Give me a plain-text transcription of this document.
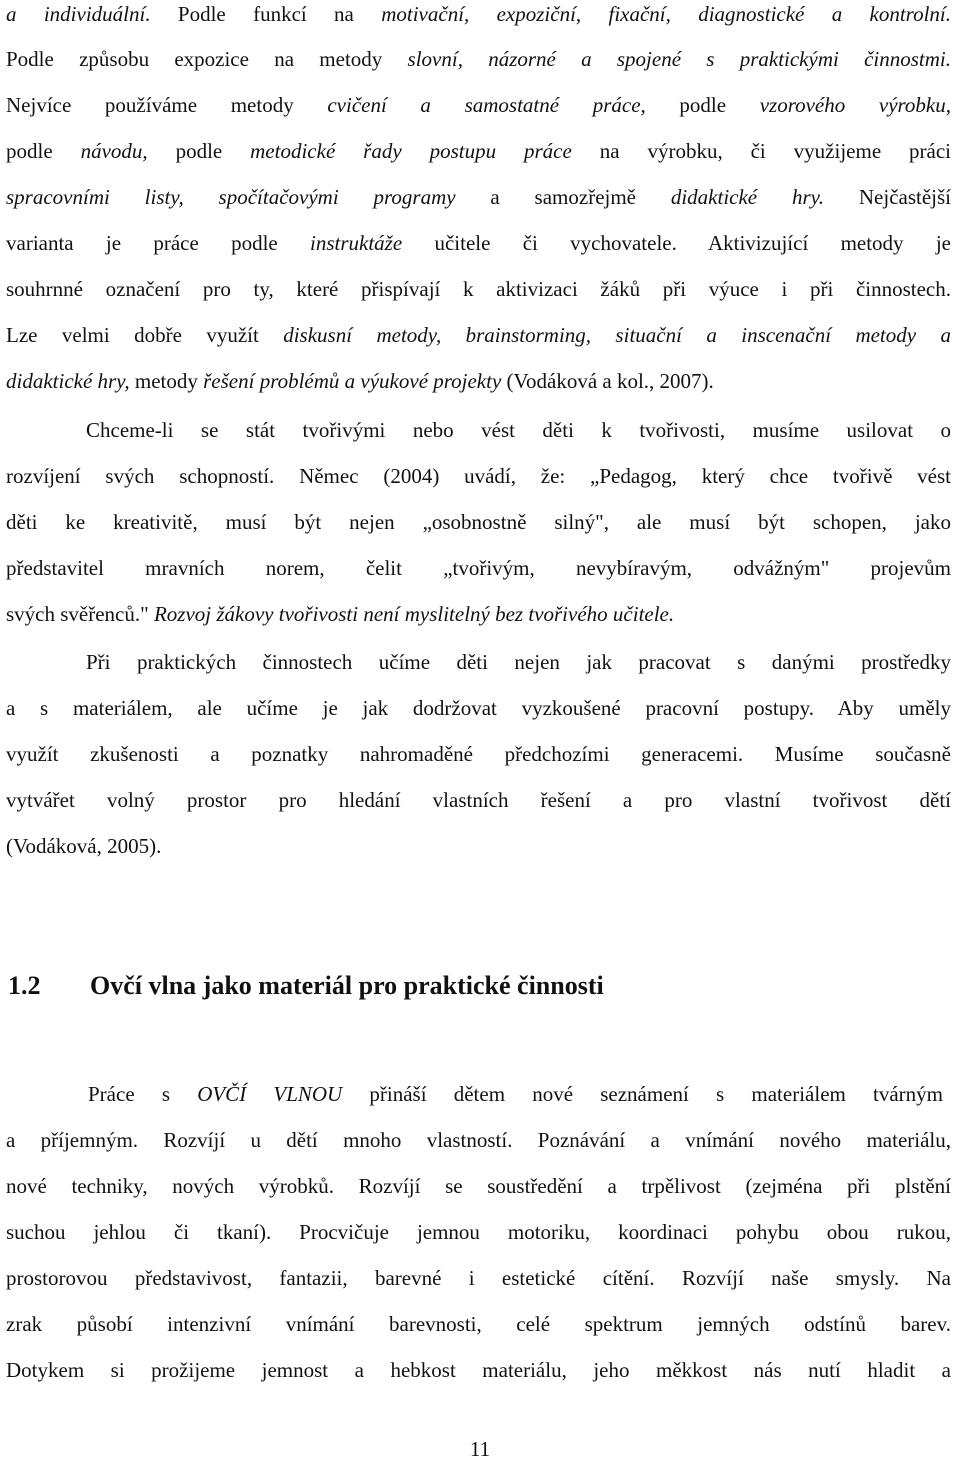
a individuální. Podle funkcí na motivační, expoziční, fixační, diagnostické a kontrolní.
Podle způsobu expozice na metody slovní, názorné a spojené s praktickými činnostmi.
Nejvíce používáme metody cvičení a samostatné práce, podle vzorového výrobku,
podle návodu, podle metodické řady postupu práce na výrobku, či využijeme práci
spracovními listy, spočítačovými programy a samozřejmě didaktické hry. Nejčastější
varianta je práce podle instruktáže učitele či vychovatele. Aktivizující metody je
souhrnné označení pro ty, které přispívají k aktivizaci žáků při výuce i při činnostech.
Lze velmi dobře využít diskusní metody, brainstorming, situační a inscenační metody a
didaktické hry, metody řešení problémů a výukové projekty (Vodáková a kol., 2007).
Chceme-li se stát tvořivými nebo vést děti k tvořivosti, musíme usilovat o
rozvíjení svých schopností. Němec (2004) uvádí, že: „Pedagog, který chce tvořivě vést
děti ke kreativitě, musí být nejen „osobnostně silný", ale musí být schopen, jako
představitel mravních norem, čelit „tvořivým, nevybíravým, odvážným" projevům
svých svěřenců." Rozvoj žákovy tvořivosti není myslitelný bez tvořivého učitele.
Při praktických činnostech učíme děti nejen jak pracovat s danými prostředky
a s materiálem, ale učíme je jak dodržovat vyzkoušené pracovní postupy. Aby uměly
využít zkušenosti a poznatky nahromaděné předchozími generacemi. Musíme současně
vytvářet volný prostor pro hledání vlastních řešení a pro vlastní tvořivost dětí
(Vodáková, 2005).
1.2 Ovčí vlna jako materiál pro praktické činnosti
Práce s OVČÍ VLNOU přináší dětem nové seznámení s materiálem tvárným
a příjemným. Rozvíjí u dětí mnoho vlastností. Poznávání a vnímání nového materiálu,
nové techniky, nových výrobků. Rozvíjí se soustředění a trpělivost (zejména při plstění
suchou jehlou či tkaní). Procvičuje jemnou motoriku, koordinaci pohybu obou rukou,
prostorovou představivost, fantazii, barevné i estetické cítění. Rozvíjí naše smysly. Na
zrak působí intenzivní vnímání barevnosti, celé spektrum jemných odstínů barev.
Dotykem si prožijeme jemnost a hebkost materiálu, jeho měkkost nás nutí hladit a
11
